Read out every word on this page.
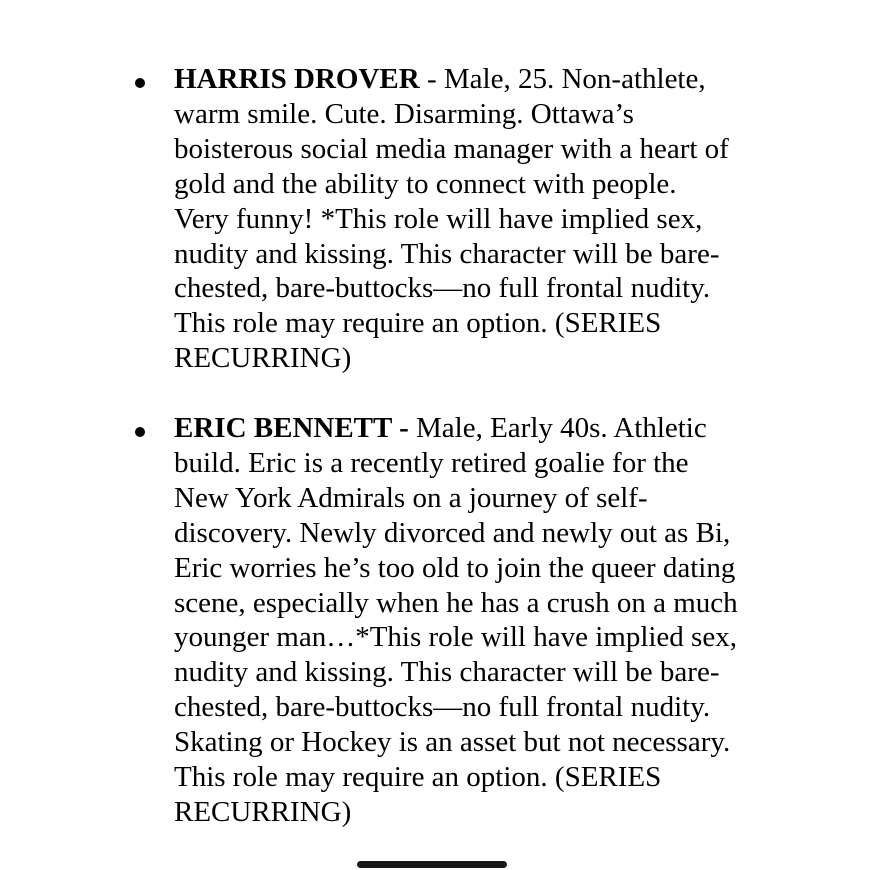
HARRIS DROVER - Male, 25. Non-athlete,
warm smile. Cute. Disarming. Ottawa’s
boisterous social media manager with a heart of
gold and the ability to connect with people.
Very funny! *This role will have implied sex,
nudity and kissing. This character will be bare-
chested, bare-buttocks—no full frontal nudity.
This role may require an option. (SERIES
RECURRING)
ERIC BENNETT - Male, Early 40s. Athletic
build. Eric is a recently retired goalie for the
New York Admirals on a journey of self-
discovery. Newly divorced and newly out as Bi,
Eric worries he’s too old to join the queer dating
scene, especially when he has a crush on a much
younger man…*This role will have implied sex,
nudity and kissing. This character will be bare-
chested, bare-buttocks—no full frontal nudity.
Skating or Hockey is an asset but not necessary.
This role may require an option. (SERIES
RECURRING)
